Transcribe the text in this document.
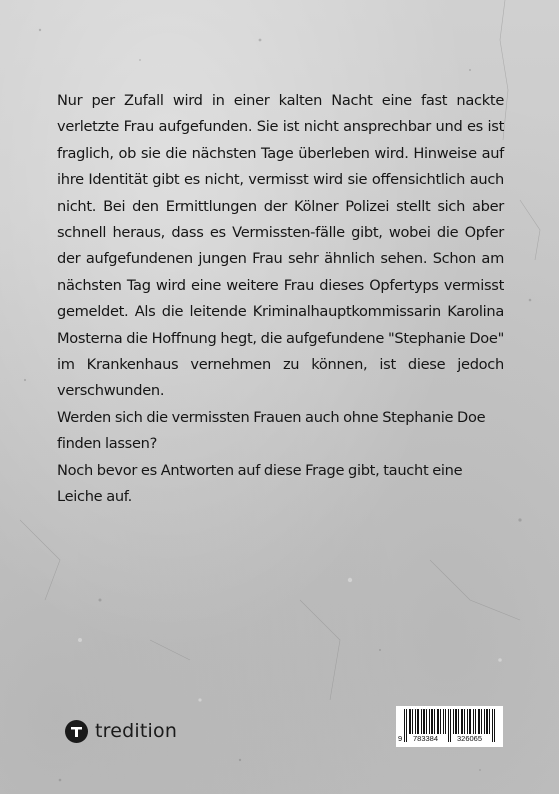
Nur per Zufall wird in einer kalten Nacht eine fast nackte verletzte Frau aufgefunden. Sie ist nicht ansprechbar und es ist fraglich, ob sie die nächsten Tage überleben wird. Hinweise auf ihre Identität gibt es nicht, vermisst wird sie offensichtlich auch nicht. Bei den Ermittlungen der Kölner Polizei stellt sich aber schnell heraus, dass es Vermissten-fälle gibt, wobei die Opfer der aufgefundenen jungen Frau sehr ähnlich sehen. Schon am nächsten Tag wird eine weitere Frau dieses Opfertyps vermisst gemeldet. Als die leitende Kriminalhauptkommissarin Karolina Mosterna die Hoffnung hegt, die aufgefundene "Stephanie Doe" im Krankenhaus vernehmen zu können, ist diese jedoch verschwunden.

Werden sich die vermissten Frauen auch ohne Stephanie Doe finden lassen?

Noch bevor es Antworten auf diese Frage gibt, taucht eine Leiche auf.

tredition	9 783384	326065
